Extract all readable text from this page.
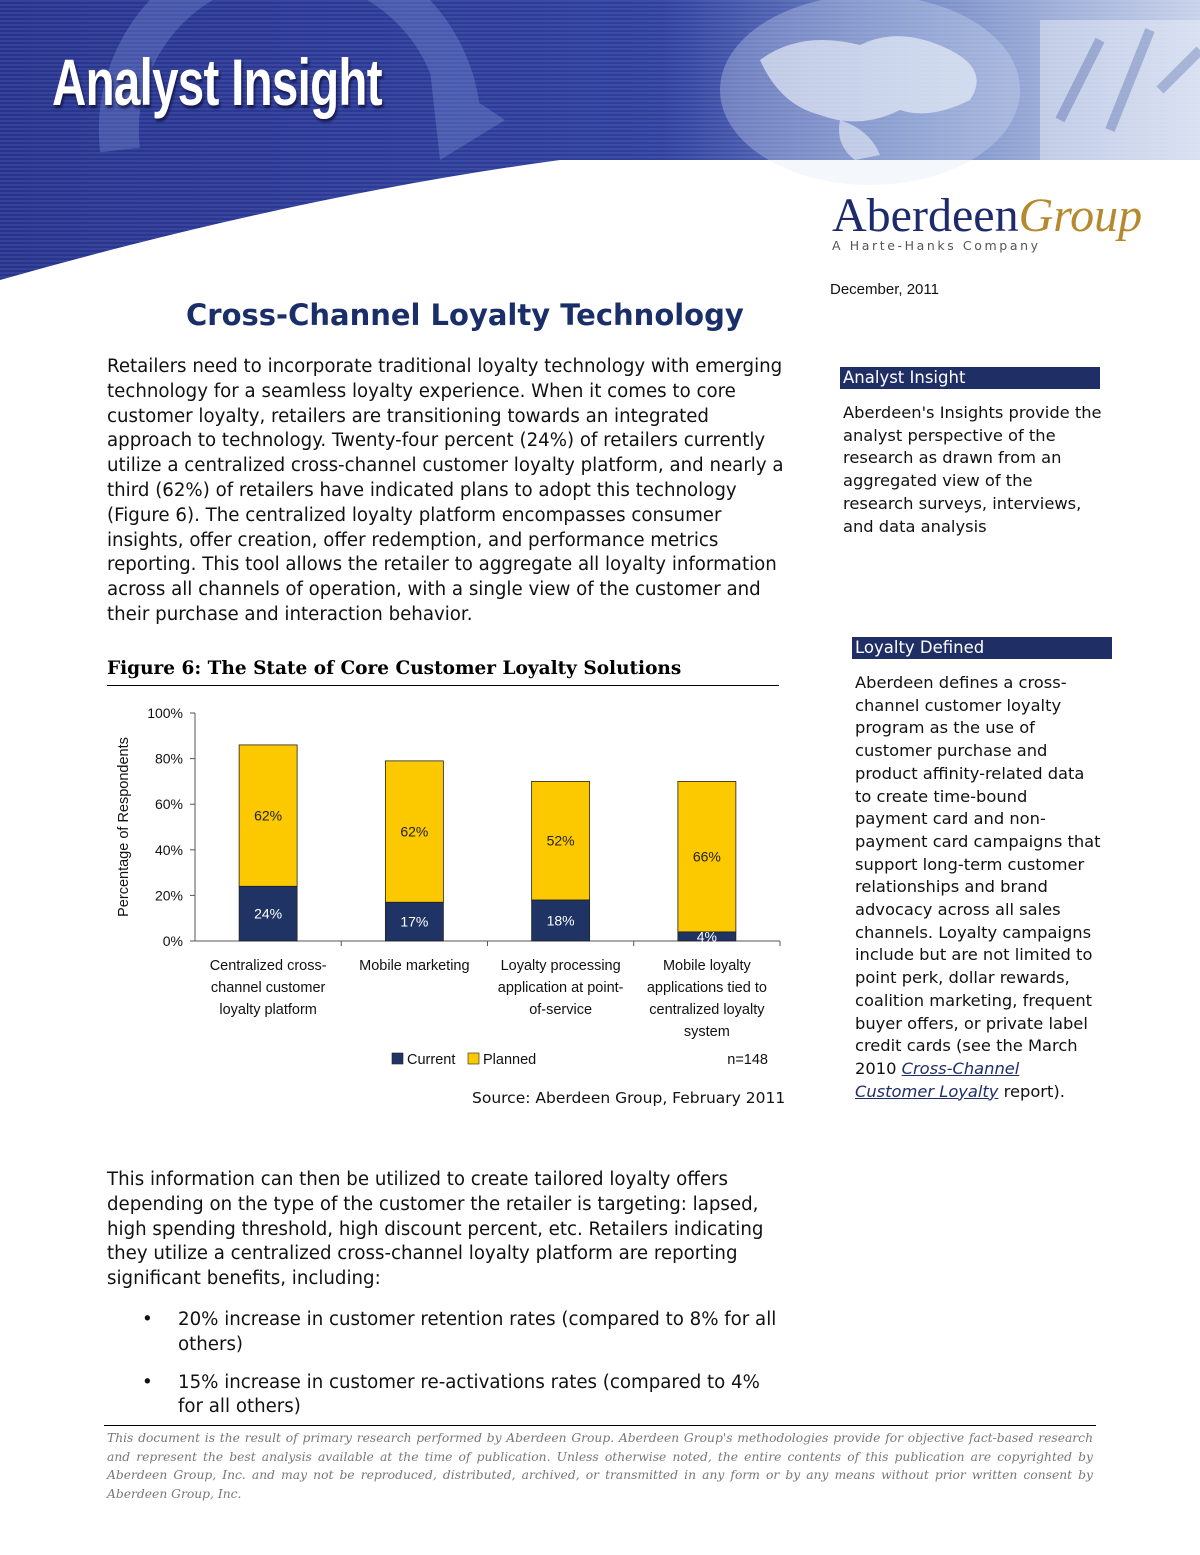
Analyst Insight
AberdeenGroup
A Harte-Hanks Company
December, 2011
Cross-Channel Loyalty Technology

Retailers need to incorporate traditional loyalty technology with emerging technology for a seamless loyalty experience. When it comes to core customer loyalty, retailers are transitioning towards an integrated approach to technology. Twenty-four percent (24%) of retailers currently utilize a centralized cross-channel customer loyalty platform, and nearly a third (62%) of retailers have indicated plans to adopt this technology (Figure 6). The centralized loyalty platform encompasses consumer insights, offer creation, offer redemption, and performance metrics reporting. This tool allows the retailer to aggregate all loyalty information across all channels of operation, with a single view of the customer and their purchase and interaction behavior.

Figure 6: The State of Core Customer Loyalty Solutions
0%
20%
40%
60%
80%
100%
Percentage of Respondents	24%
62%
Centralized cross-
channel customer
loyalty platform
17%
62%
Mobile marketing
18%
52%
Loyalty processing
application at point-
of-service
4%
66%
Mobile loyalty
applications tied to
centralized loyalty
system
Current Planned	n=148
Source: Aberdeen Group, February 2011

This information can then be utilized to create tailored loyalty offers depending on the type of the customer the retailer is targeting: lapsed, high spending threshold, high discount percent, etc. Retailers indicating they utilize a centralized cross-channel loyalty platform are reporting significant benefits, including:

• 20% increase in customer retention rates (compared to 8% for all others)
• 15% increase in customer re-activations rates (compared to 4% for all others)

This document is the result of primary research performed by Aberdeen Group. Aberdeen Group's methodologies provide for objective fact-based research and represent the best analysis available at the time of publication. Unless otherwise noted, the entire contents of this publication are copyrighted by Aberdeen Group, Inc. and may not be reproduced, distributed, archived, or transmitted in any form or by any means without prior written consent by Aberdeen Group, Inc.

Analyst Insight

Aberdeen's Insights provide the analyst perspective of the research as drawn from an aggregated view of the research surveys, interviews, and data analysis

Loyalty Defined

Aberdeen defines a cross-channel customer loyalty program as the use of customer purchase and product affinity-related data to create time-bound payment card and non-payment card campaigns that support long-term customer relationships and brand advocacy across all sales channels. Loyalty campaigns include but are not limited to point perk, dollar rewards, coalition marketing, frequent buyer offers, or private label credit cards (see the March 2010 Cross-Channel Customer Loyalty report).
